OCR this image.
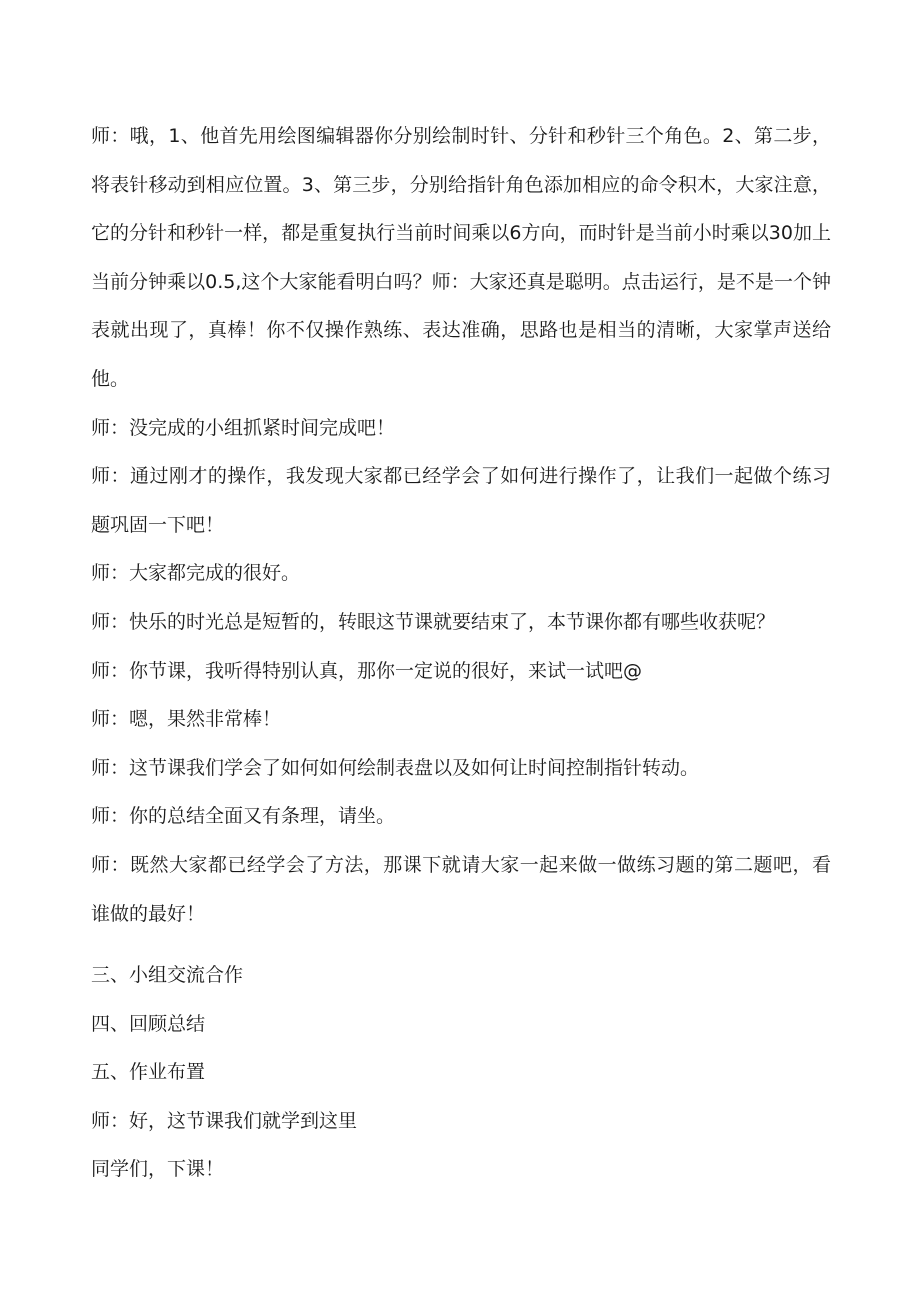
师：哦，1、他首先用绘图编辑器你分别绘制时针、分针和秒针三个角色。2、第二步，将表针移动到相应位置。3、第三步，分别给指针角色添加相应的命令积木，大家注意，它的分针和秒针一样，都是重复执行当前时间乘以6方向，而时针是当前小时乘以30加上当前分钟乘以0.5,这个大家能看明白吗？师：大家还真是聪明。点击运行，是不是一个钟表就出现了，真棒！你不仅操作熟练、表达准确，思路也是相当的清晰，大家掌声送给他。

师：没完成的小组抓紧时间完成吧！

师：通过刚才的操作，我发现大家都已经学会了如何进行操作了，让我们一起做个练习题巩固一下吧！

师：大家都完成的很好。

师：快乐的时光总是短暂的，转眼这节课就要结束了，本节课你都有哪些收获呢？

师：你节课，我听得特别认真，那你一定说的很好，来试一试吧@

师：嗯，果然非常棒！

师：这节课我们学会了如何如何绘制表盘以及如何让时间控制指针转动。

师：你的总结全面又有条理，请坐。

师：既然大家都已经学会了方法，那课下就请大家一起来做一做练习题的第二题吧，看谁做的最好！

三、小组交流合作

四、回顾总结

五、作业布置

师：好，这节课我们就学到这里

同学们，下课！
